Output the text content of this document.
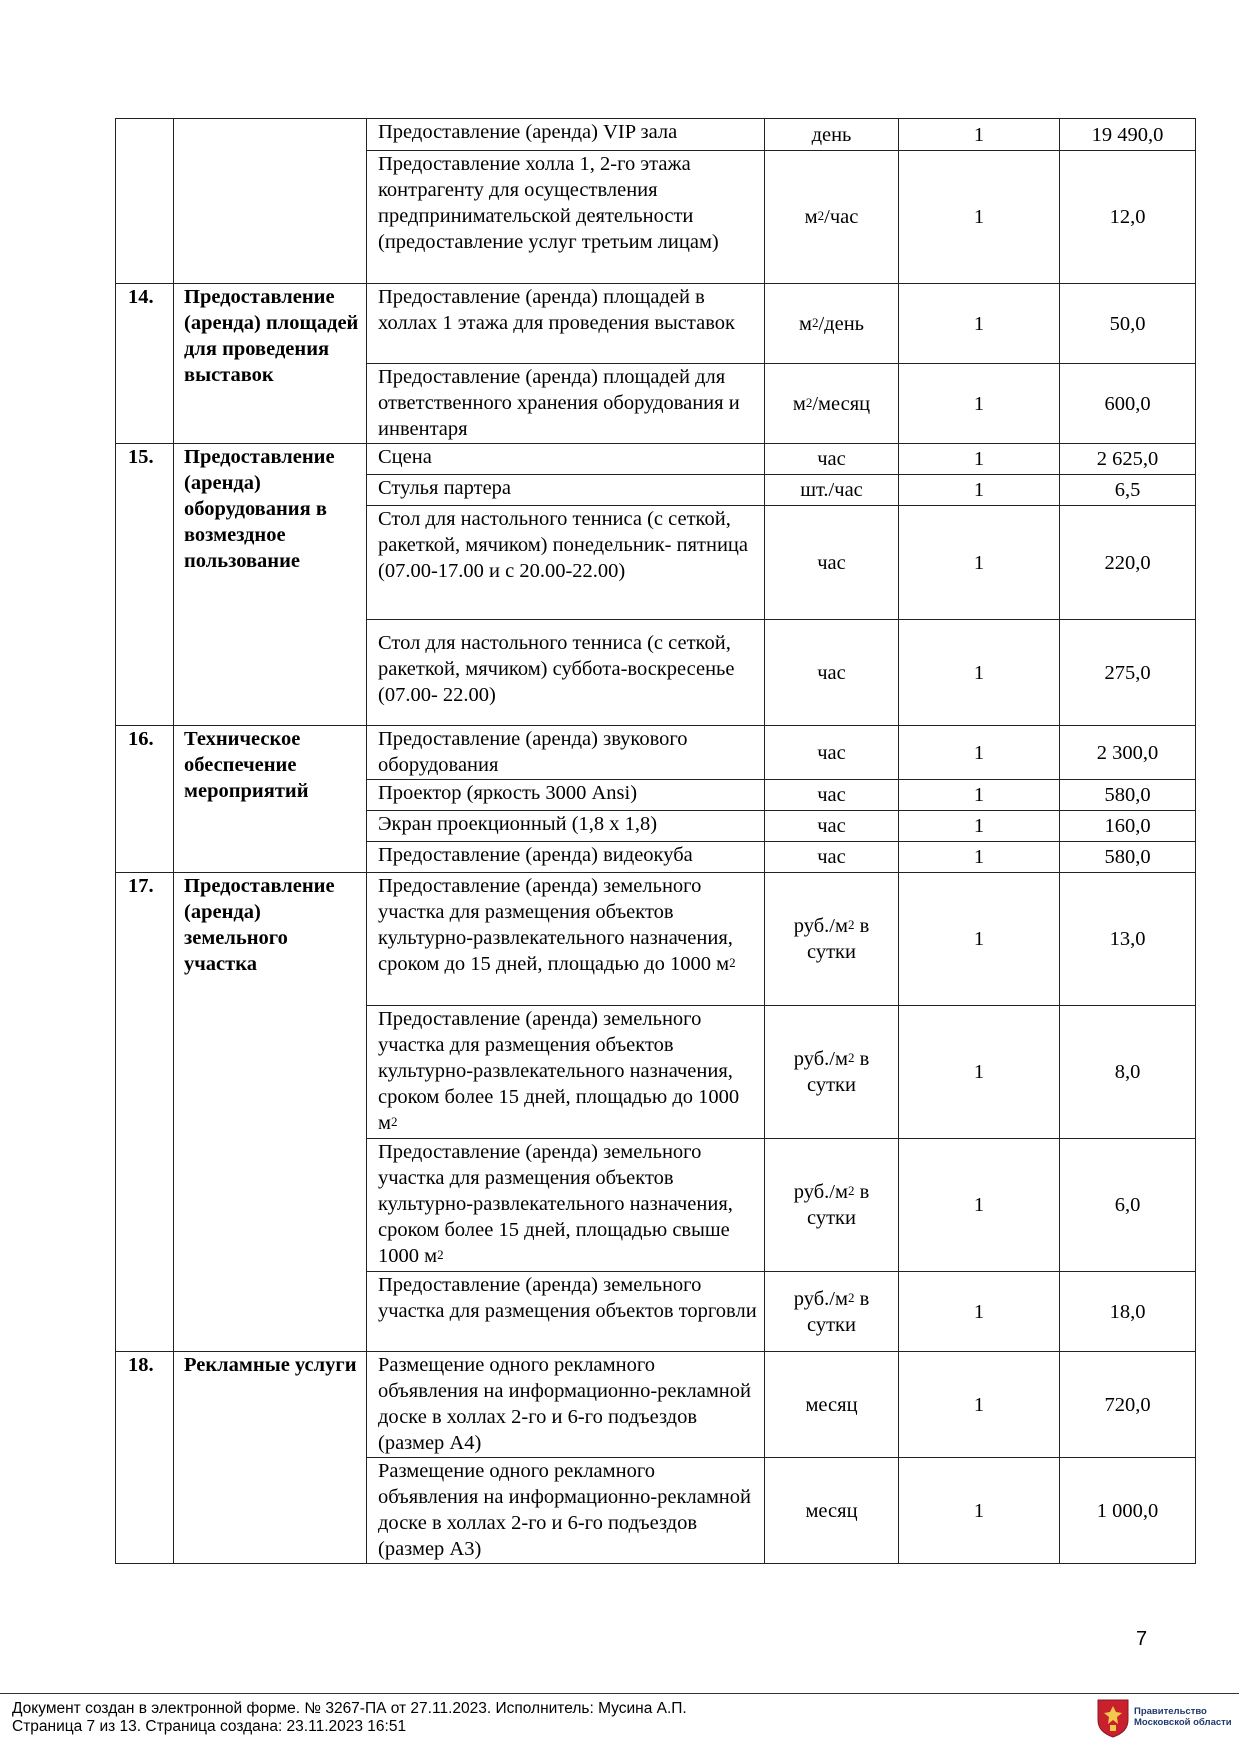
		Предоставление (аренда) VIP зала	день	1	19 490,0
		Предоставление холла 1, 2-го этажа контрагенту для осуществления предпринимательской деятельности (предоставление услуг третьим лицам)	$м^2$/час	1	12,0
14.	Предоставление (аренда) площадей для проведения выставок	Предоставление (аренда) площадей в холлах 1 этажа для проведения выставок	$м^2$/день	1	50,0
		Предоставление (аренда) площадей для ответственного хранения оборудования и инвентаря	$м^2$/месяц	1	600,0
15.	Предоставление (аренда) оборудования в возмездное пользование	Сцена	час	1	2 625,0
		Стулья партера	шт./час	1	6,5
		Стол для настольного тенниса (с сеткой, ракеткой, мячиком) понедельник- пятница (07.00-17.00 и с 20.00-22.00)	час	1	220,0
		Стол для настольного тенниса (с сеткой, ракеткой, мячиком) суббота-воскресенье (07.00- 22.00)	час	1	275,0
16.	Техническое обеспечение мероприятий	Предоставление (аренда) звукового оборудования	час	1	2 300,0
		Проектор (яркость 3000 Ansi)	час	1	580,0
		Экран проекционный (1,8 х 1,8)	час	1	160,0
		Предоставление (аренда) видеокуба	час	1	580,0
17.	Предоставление (аренда) земельного участка	Предоставление (аренда) земельного участка для размещения объектов культурно-развлекательного назначения, сроком до 15 дней, площадью до 1000 $м^2$	$руб./м^2$ в сутки	1	13,0
		Предоставление (аренда) земельного участка для размещения объектов культурно-развлекательного назначения, сроком более 15 дней, площадью до 1000 $м^2$	$руб./м^2$ в сутки	1	8,0
		Предоставление (аренда) земельного участка для размещения объектов культурно-развлекательного назначения, сроком более 15 дней, площадью свыше 1000 $м^2$	$руб./м^2$ в сутки	1	6,0
		Предоставление (аренда) земельного участка для размещения объектов торговли	$руб./м^2$ в сутки	1	18,0
18.	Рекламные услуги	Размещение одного рекламного объявления на информационно-рекламной доске в холлах 2-го и 6-го подъездов (размер А4)	месяц	1	720,0
		Размещение одного рекламного объявления на информационно-рекламной доске в холлах 2-го и 6-го подъездов (размер А3)	месяц	1	1 000,0
7
Документ создан в электронной форме. № 3267-ПА от 27.11.2023. Исполнитель: Мусина А.П.
Страница 7 из 13. Страница создана: 23.11.2023 16:51
Правительство
Московской области
